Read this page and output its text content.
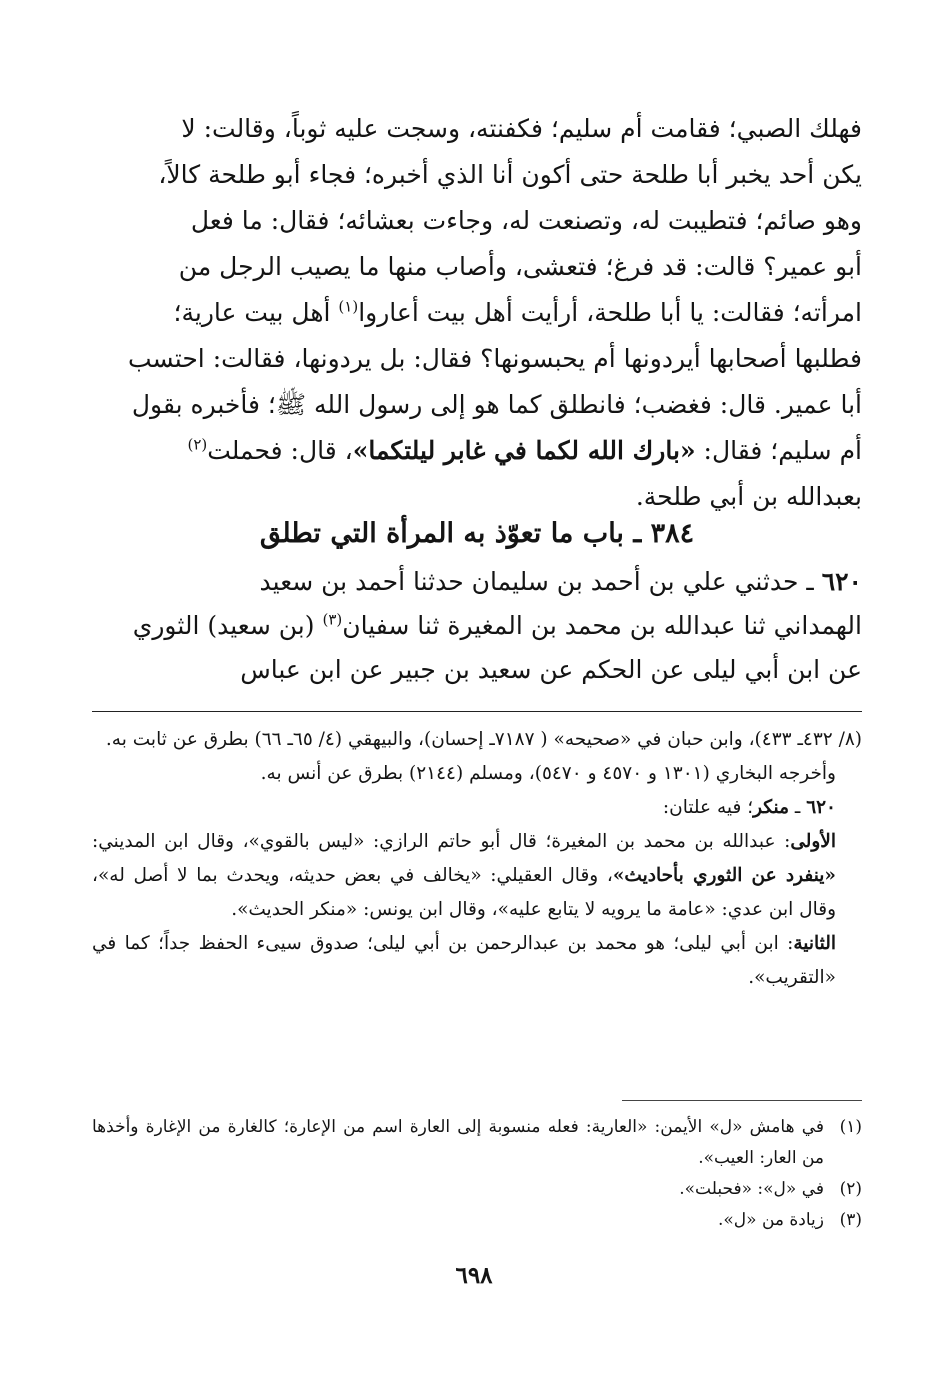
فهلك الصبي؛ فقامت أم سليم؛ فكفنته، وسجت عليه ثوباً، وقالت: لا

يكن أحد يخبر أبا طلحة حتى أكون أنا الذي أخبره؛ فجاء أبو طلحة كالاً،

وهو صائم؛ فتطيبت له، وتصنعت له، وجاءت بعشائه؛ فقال: ما فعل

أبو عمير؟ قالت: قد فرغ؛ فتعشى، وأصاب منها ما يصيب الرجل من

امرأته؛ فقالت: يا أبا طلحة، أرأيت أهل بيت أعاروا$^{(١)}$ أهل بيت عارية؛

فطلبها أصحابها أيردونها أم يحبسونها؟ فقال: بل يردونها، فقالت: احتسب

أبا عمير. قال: فغضب؛ فانطلق كما هو إلى رسول الله ﷺ؛ فأخبره بقول

أم سليم؛ فقال: «بارك الله لكما في غابر ليلتكما»، قال: فحملت$^{(٢)}$

بعبدالله بن أبي طلحة.

٣٨٤ ـ باب ما تعوّذ به المرأة التي تطلق

٦٢٠ ـ حدثني علي بن أحمد بن سليمان حدثنا أحمد بن سعيد

الهمداني ثنا عبدالله بن محمد بن المغيرة ثنا سفيان$^{(٣)}$ (بن سعيد) الثوري

عن ابن أبي ليلى عن الحكم عن سعيد بن جبير عن ابن عباس

(٨/ ٤٣٢ـ ٤٣٣)، وابن حبان في «صحيحه» ( ٧١٨٧ـ إحسان)، والبيهقي (٤/ ٦٥ـ ٦٦) بطرق عن ثابت به.

وأخرجه البخاري (١٣٠١ و ٤٥٧٠ و ٥٤٧٠)، ومسلم (٢١٤٤) بطرق عن أنس به.

٦٢٠ ـ منكر؛ فيه علتان:

الأولى: عبدالله بن محمد بن المغيرة؛ قال أبو حاتم الرازي: «ليس بالقوي»، وقال ابن المديني: «ينفرد عن الثوري بأحاديث»، وقال العقيلي: «يخالف في بعض حديثه، ويحدث بما لا أصل له»، وقال ابن عدي: «عامة ما يرويه لا يتابع عليه»، وقال ابن يونس: «منكر الحديث».

الثانية: ابن أبي ليلى؛ هو محمد بن عبدالرحمن بن أبي ليلى؛ صدوق سيىء الحفظ جداً؛ كما في «التقريب».

(١)
في هامش «ل» الأيمن: «العارية: فعله منسوبة إلى العارة اسم من الإعارة؛ كالغارة من الإغارة وأخذها من العار: العيب».
(٢)
في «ل»: «فحبلت».
(٣)
زيادة من «ل».
٦٩٨
